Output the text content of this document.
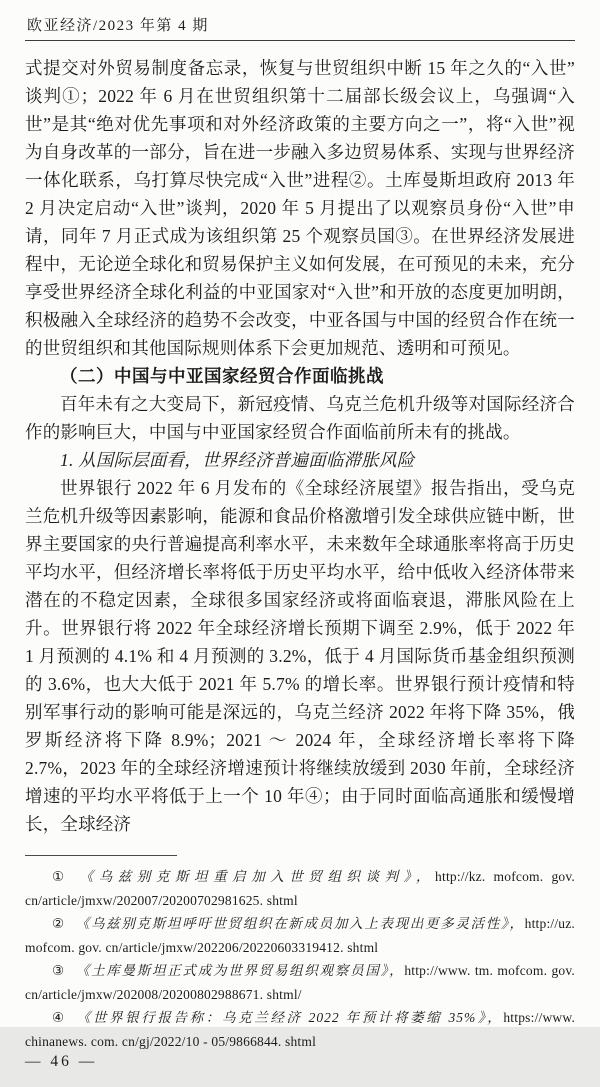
欧亚经济/2023 年第 4 期

式提交对外贸易制度备忘录，恢复与世贸组织中断 15 年之久的“入世”谈判①；2022 年 6 月在世贸组织第十二届部长级会议上，乌强调“入世”是其“绝对优先事项和对外经济政策的主要方向之一”，将“入世”视为自身改革的一部分，旨在进一步融入多边贸易体系、实现与世界经济一体化联系，乌打算尽快完成“入世”进程②。土库曼斯坦政府 2013 年 2 月决定启动“入世”谈判，2020 年 5 月提出了以观察员身份“入世”申请，同年 7 月正式成为该组织第 25 个观察员国③。在世界经济发展进程中，无论逆全球化和贸易保护主义如何发展，在可预见的未来，充分享受世界经济全球化利益的中亚国家对“入世”和开放的态度更加明朗，积极融入全球经济的趋势不会改变，中亚各国与中国的经贸合作在统一的世贸组织和其他国际规则体系下会更加规范、透明和可预见。

（二）中国与中亚国家经贸合作面临挑战

百年未有之大变局下，新冠疫情、乌克兰危机升级等对国际经济合作的影响巨大，中国与中亚国家经贸合作面临前所未有的挑战。

1. 从国际层面看，世界经济普遍面临滞胀风险

世界银行 2022 年 6 月发布的《全球经济展望》报告指出，受乌克兰危机升级等因素影响，能源和食品价格激增引发全球供应链中断，世界主要国家的央行普遍提高利率水平，未来数年全球通胀率将高于历史平均水平，但经济增长率将低于历史平均水平，给中低收入经济体带来潜在的不稳定因素，全球很多国家经济或将面临衰退，滞胀风险在上升。世界银行将 2022 年全球经济增长预期下调至 2.9%，低于 2022 年 1 月预测的 4.1% 和 4 月预测的 3.2%，低于 4 月国际货币基金组织预测的 3.6%，也大大低于 2021 年 5.7% 的增长率。世界银行预计疫情和特别军事行动的影响可能是深远的，乌克兰经济 2022 年将下降 35%，俄罗斯经济将下降 8.9%；2021 ～ 2024 年，全球经济增长率将下降 2.7%，2023 年的全球经济增速预计将继续放缓到 2030 年前，全球经济增速的平均水平将低于上一个 10 年④；由于同时面临高通胀和缓慢增长，全球经济

① 《乌兹别克斯坦重启加入世贸组织谈判》，http://kz. mofcom. gov. cn/article/jmxw/202007/20200702981625. shtml

② 《乌兹别克斯坦呼吁世贸组织在新成员加入上表现出更多灵活性》，http://uz. mofcom. gov. cn/article/jmxw/202206/20220603319412. shtml

③ 《土库曼斯坦正式成为世界贸易组织观察员国》，http://www. tm. mofcom. gov. cn/article/jmxw/202008/20200802988671. shtml/

④ 《世界银行报告称：乌克兰经济 2022 年预计将萎缩 35%》，https://www. chinanews. com. cn/gj/2022/10 - 05/9866844. shtml

— 46 —
